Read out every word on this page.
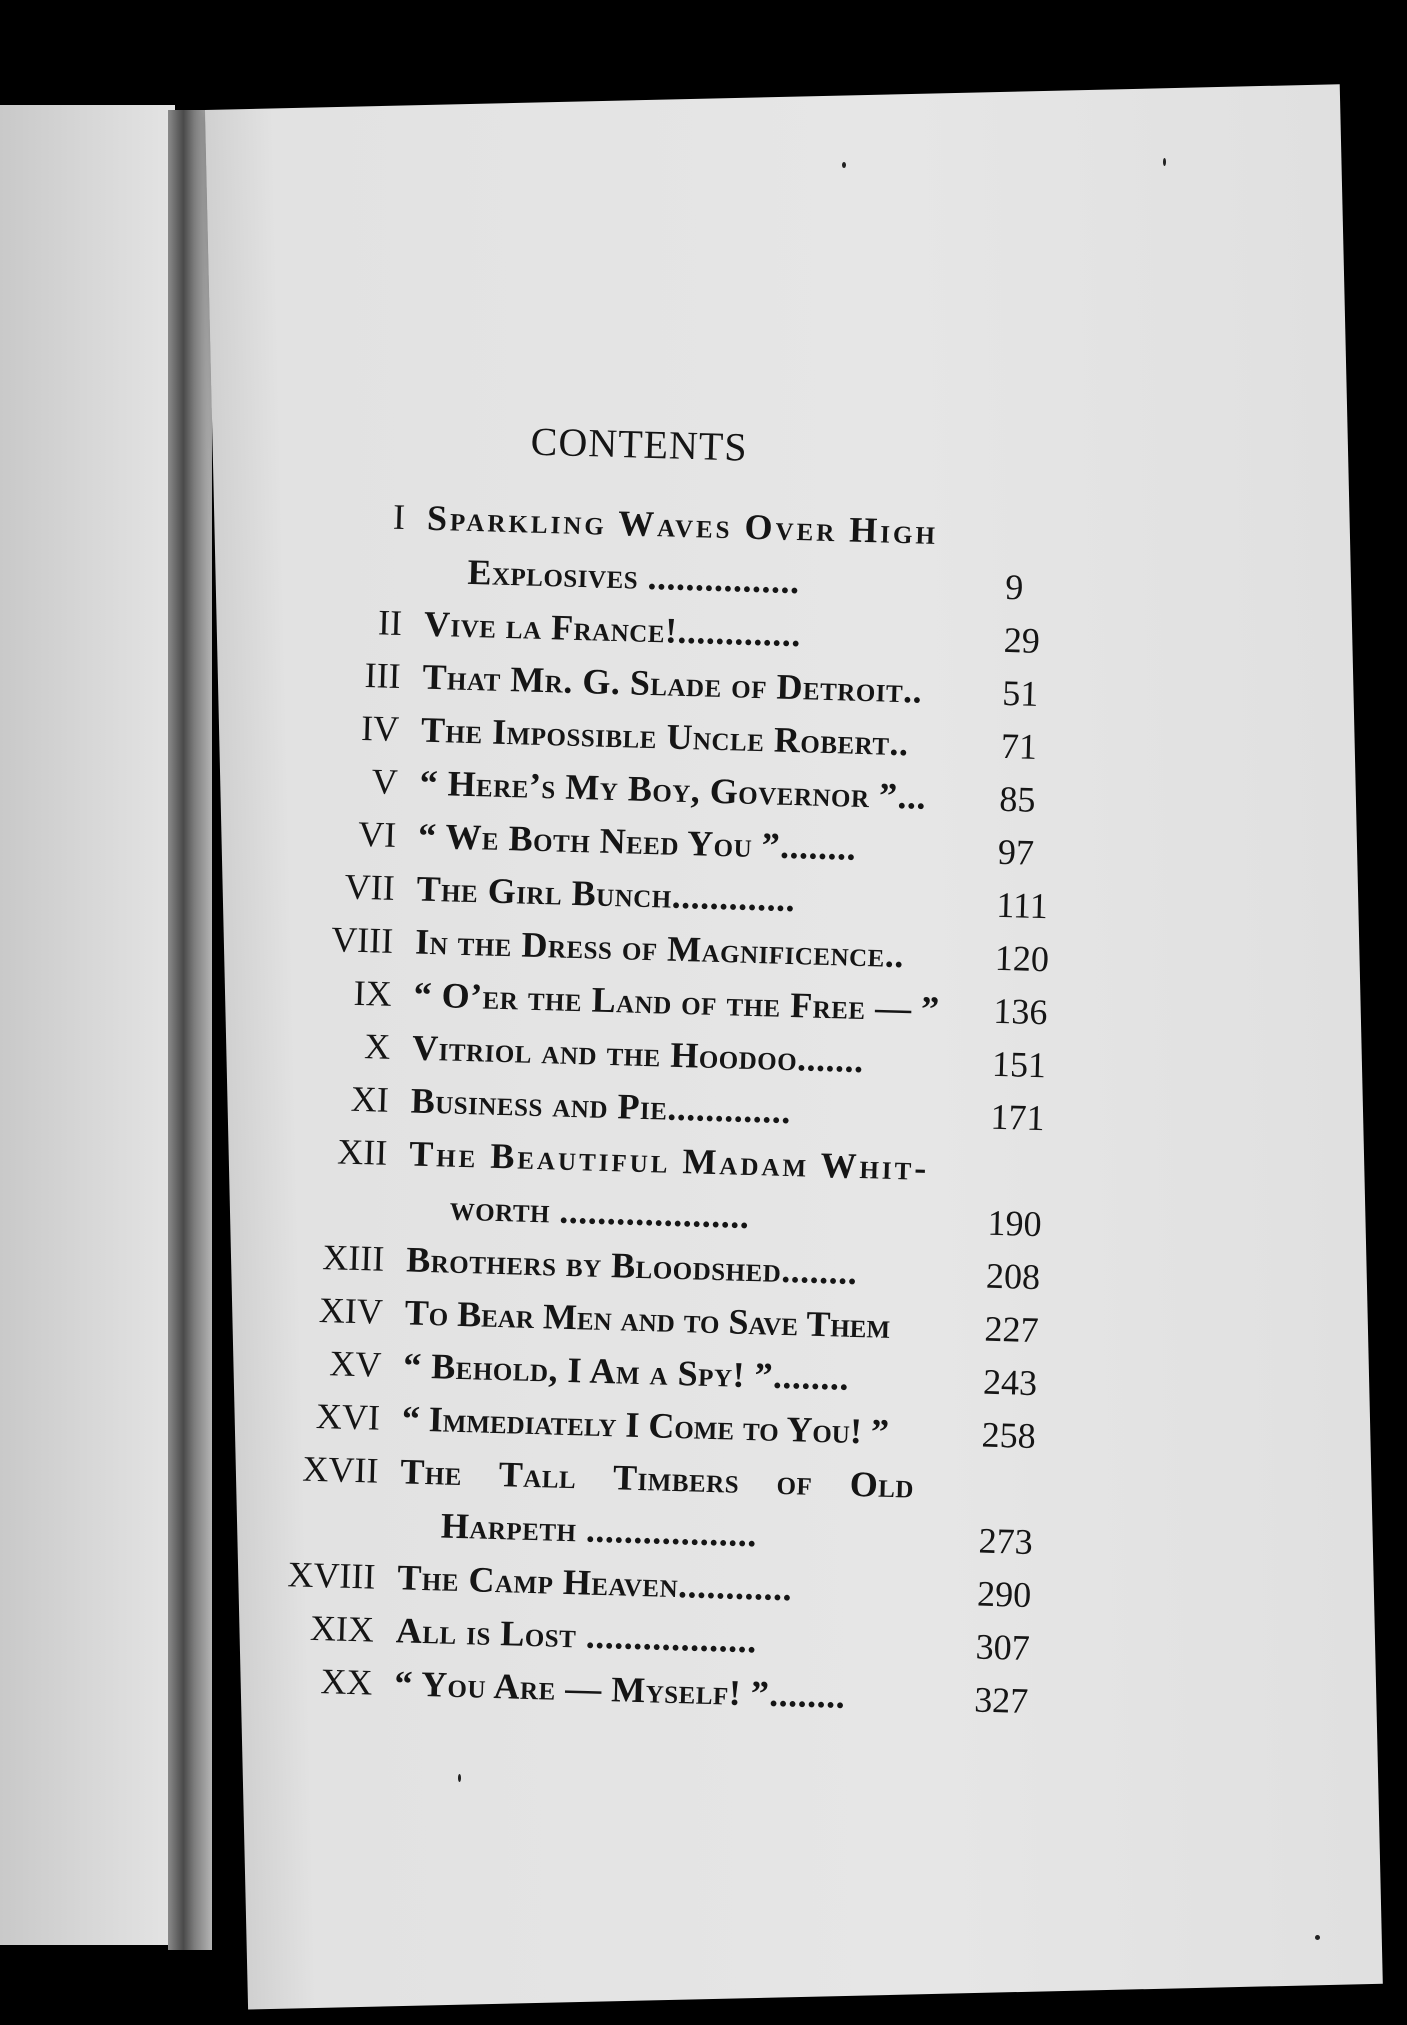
CONTENTS
I Sparkling Waves Over High
Explosives ................	9
II Vive la France!.............	29
III That Mr. G. Slade of Detroit..	51
IV The Impossible Uncle Robert..	71
V “ Here’s My Boy, Governor ”...	85
VI “ We Both Need You ”........	97
VII The Girl Bunch.............	111
VIII In the Dress of Magnificence..	120
IX “ O’er the Land of the Free — ”	136
X Vitriol and the Hoodoo.......	151
XI Business and Pie.............	171
XII The Beautiful Madam Whit-
worth ....................	190
XIII Brothers by Bloodshed........	208
XIV To Bear Men and to Save Them	227
XV “ Behold, I Am a Spy! ”........	243
XVI “ Immediately I Come to You! ”	258
XVII The Tall Timbers of Old
Harpeth ..................	273
XVIII The Camp Heaven............	290
XIX All is Lost ..................	307
XX “ You Are — Myself! ”........	327
